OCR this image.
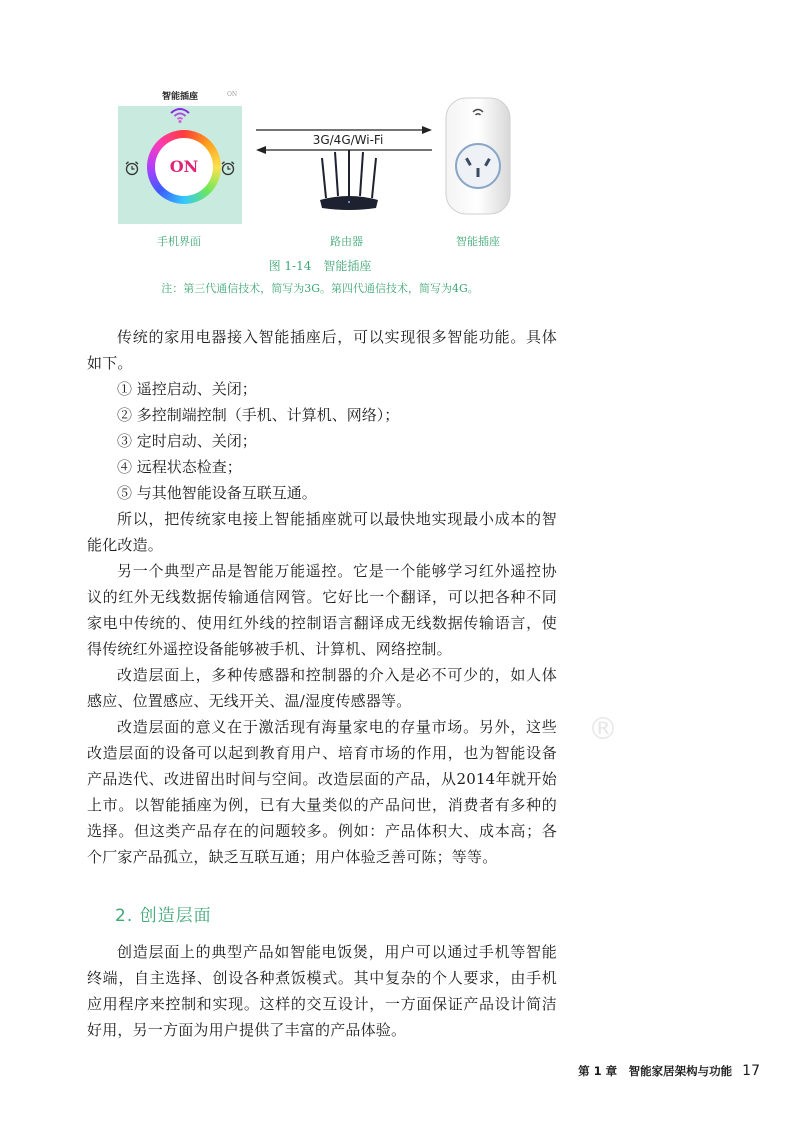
智能插座	ON
ON
3G/4G/Wi-Fi
手机界面	路由器	智能插座
图 1-14　智能插座
注：第三代通信技术，简写为3G。第四代通信技术，简写为4G。

传统的家用电器接入智能插座后，可以实现很多智能功能。具体如下。

① 遥控启动、关闭；

② 多控制端控制（手机、计算机、网络）；

③ 定时启动、关闭；

④ 远程状态检查；

⑤ 与其他智能设备互联互通。

所以，把传统家电接上智能插座就可以最快地实现最小成本的智能化改造。

另一个典型产品是智能万能遥控。它是一个能够学习红外遥控协议的红外无线数据传输通信网管。它好比一个翻译，可以把各种不同家电中传统的、使用红外线的控制语言翻译成无线数据传输语言，使得传统红外遥控设备能够被手机、计算机、网络控制。

改造层面上，多种传感器和控制器的介入是必不可少的，如人体感应、位置感应、无线开关、温/湿度传感器等。

改造层面的意义在于激活现有海量家电的存量市场。另外，这些改造层面的设备可以起到教育用户、培育市场的作用，也为智能设备产品迭代、改进留出时间与空间。改造层面的产品，从2014年就开始上市。以智能插座为例，已有大量类似的产品问世，消费者有多种的选择。但这类产品存在的问题较多。例如：产品体积大、成本高；各个厂家产品孤立，缺乏互联互通；用户体验乏善可陈；等等。

®
2. 创造层面

创造层面上的典型产品如智能电饭煲，用户可以通过手机等智能终端，自主选择、创设各种煮饭模式。其中复杂的个人要求，由手机应用程序来控制和实现。这样的交互设计，一方面保证产品设计简洁好用，另一方面为用户提供了丰富的产品体验。

第 1 章　智能家居架构与功能 17
